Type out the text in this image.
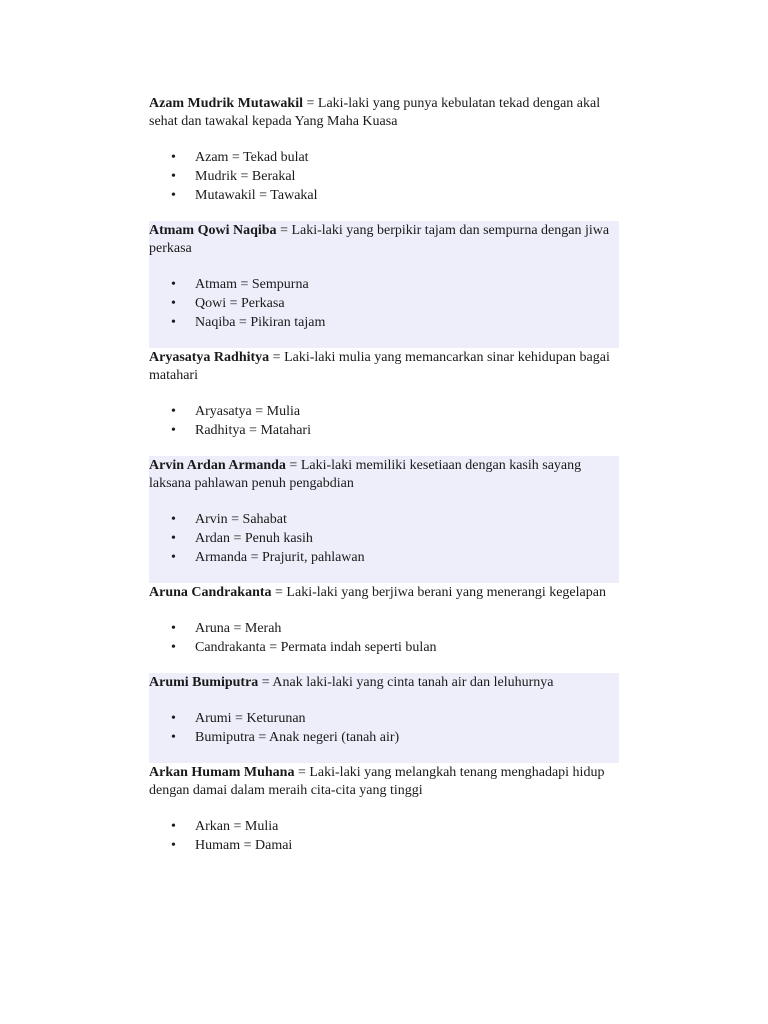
Azam Mudrik Mutawakil = Laki-laki yang punya kebulatan tekad dengan akal sehat dan tawakal kepada Yang Maha Kuasa

• Azam = Tekad bulat
• Mudrik = Berakal
• Mutawakil = Tawakal

Atmam Qowi Naqiba = Laki-laki yang berpikir tajam dan sempurna dengan jiwa perkasa

• Atmam = Sempurna
• Qowi = Perkasa
• Naqiba = Pikiran tajam

Aryasatya Radhitya = Laki-laki mulia yang memancarkan sinar kehidupan bagai matahari

• Aryasatya = Mulia
• Radhitya = Matahari

Arvin Ardan Armanda = Laki-laki memiliki kesetiaan dengan kasih sayang laksana pahlawan penuh pengabdian

• Arvin = Sahabat
• Ardan = Penuh kasih
• Armanda = Prajurit, pahlawan

Aruna Candrakanta = Laki-laki yang berjiwa berani yang menerangi kegelapan

• Aruna = Merah
• Candrakanta = Permata indah seperti bulan

Arumi Bumiputra = Anak laki-laki yang cinta tanah air dan leluhurnya

• Arumi = Keturunan
• Bumiputra = Anak negeri (tanah air)

Arkan Humam Muhana = Laki-laki yang melangkah tenang menghadapi hidup dengan damai dalam meraih cita-cita yang tinggi

• Arkan = Mulia
• Humam = Damai
